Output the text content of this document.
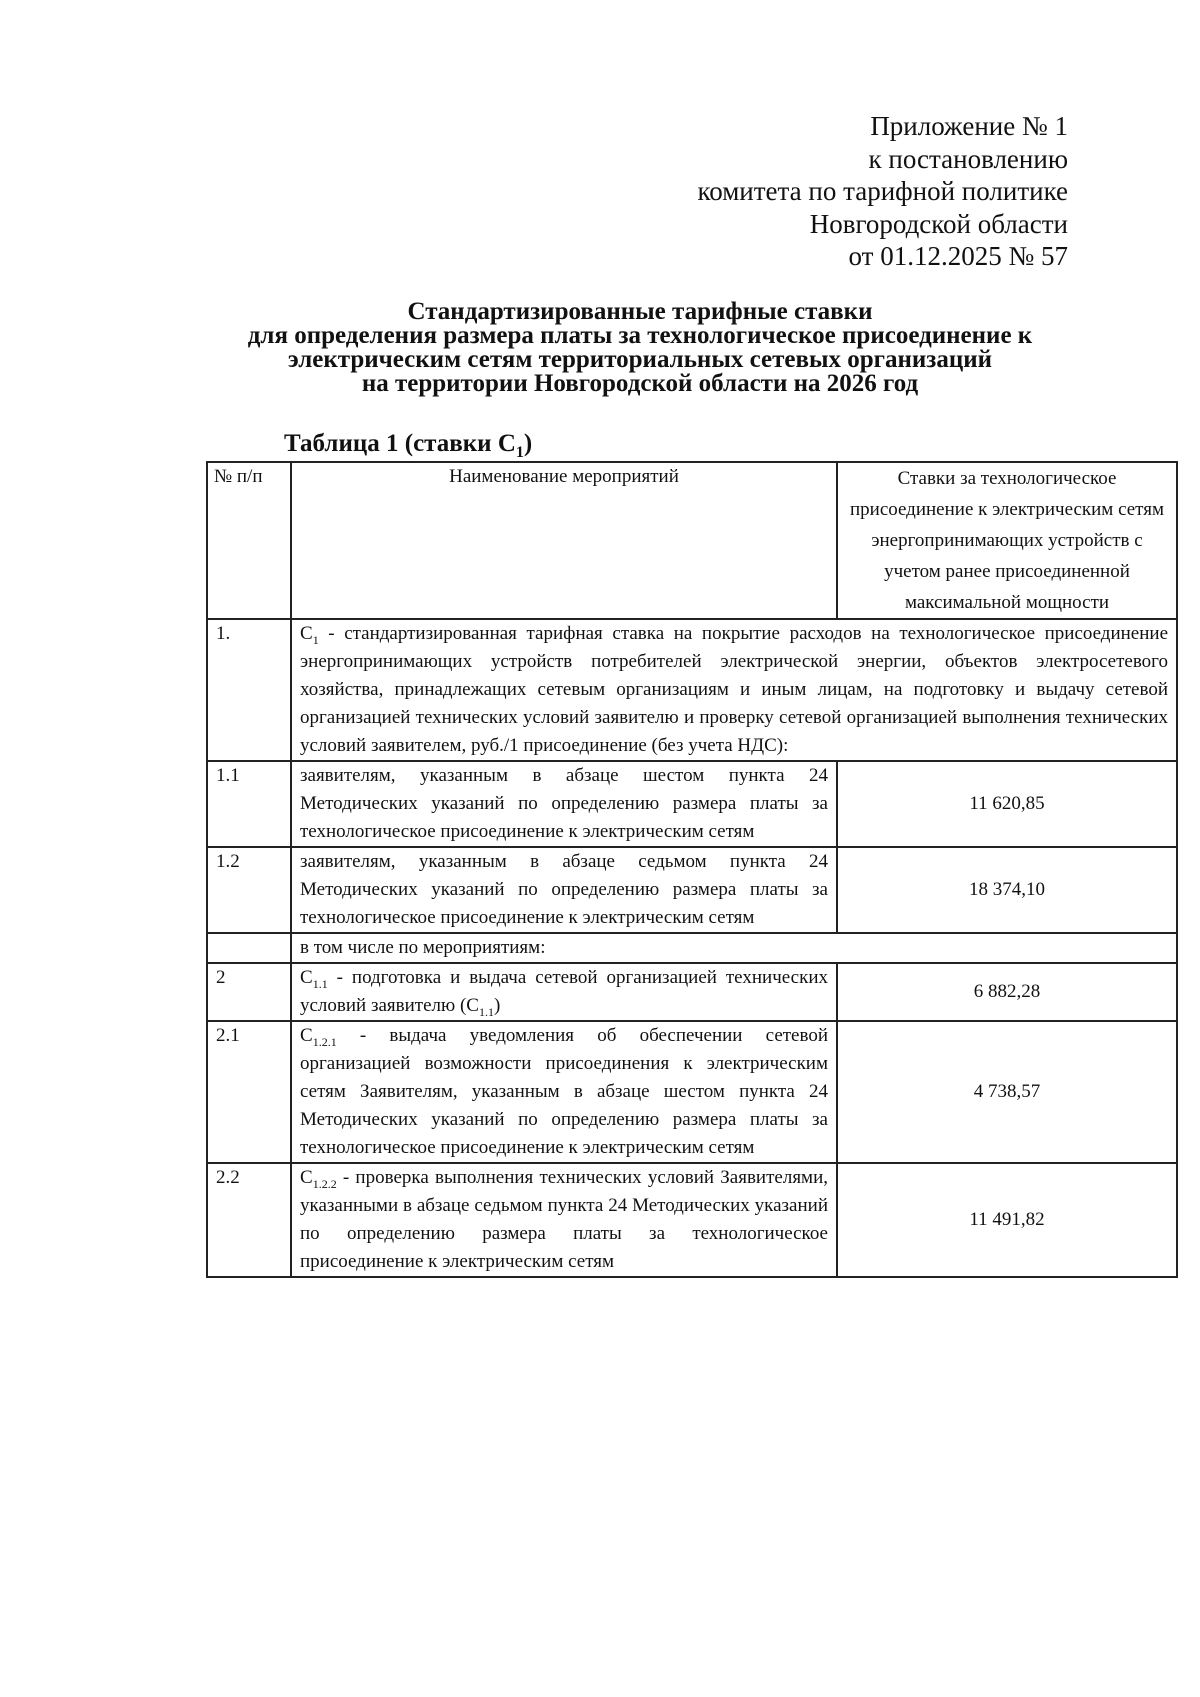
Приложение № 1
к постановлению
комитета по тарифной политике
Новгородской области
от 01.12.2025 № 57
Стандартизированные тарифные ставки
для определения размера платы за технологическое присоединение к
электрическим сетям территориальных сетевых организаций
на территории Новгородской области на 2026 год
Таблица 1 (ставки $С_1$)
№ п/п	Наименование мероприятий	Ставки за технологическое присоединение к электрическим сетям энергопринимающих устройств с учетом ранее присоединенной максимальной мощности
1.	$С_1$ - стандартизированная тарифная ставка на покрытие расходов на технологическое присоединение энергопринимающих устройств потребителей электрической энергии, объектов электросетевого хозяйства, принадлежащих сетевым организациям и иным лицам, на подготовку и выдачу сетевой организацией технических условий заявителю и проверку сетевой организацией выполнения технических условий заявителем, руб./1 присоединение (без учета НДС):	
1.1	заявителям, указанным в абзаце шестом пункта 24 Методических указаний по определению размера платы за технологическое присоединение к электрическим сетям	11 620,85
1.2	заявителям, указанным в абзаце седьмом пункта 24 Методических указаний по определению размера платы за технологическое присоединение к электрическим сетям	18 374,10
	в том числе по мероприятиям:	
2	$С_{1.1}$ - подготовка и выдача сетевой организацией технических условий заявителю $(С_{1.1})$	6 882,28
2.1	$С_{1.2.1}$ - выдача уведомления об обеспечении сетевой организацией возможности присоединения к электрическим сетям Заявителям, указанным в абзаце шестом пункта 24 Методических указаний по определению размера платы за технологическое присоединение к электрическим сетям	4 738,57
2.2	$С_{1.2.2}$ - проверка выполнения технических условий Заявителями, указанными в абзаце седьмом пункта 24 Методических указаний по определению размера платы за технологическое присоединение к электрическим сетям	11 491,82
